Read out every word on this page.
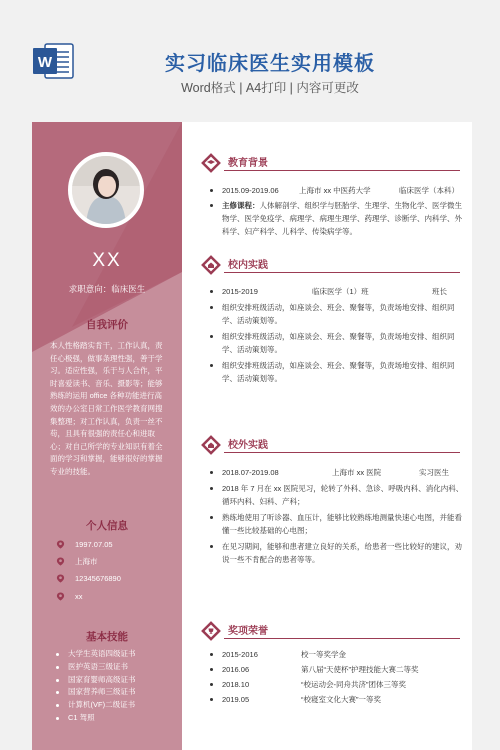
W	实习临床医生实用模板
Word格式 | A4打印 | 内容可更改
XX
求职意向：临床医生
自我评价
本人性格踏实肯干，工作认真，责任心极强，做事条理性强，善于学习。适应性强，乐于与人合作，平时喜爱读书、音乐、摄影等；能够熟练的运用 office 各种功能进行高效的办公室日常工作医学教育网搜集整理；对工作认真，负责一丝不苟，且具有很强的责任心和进取心；对自己所学的专业知识有着全面的学习和掌握，能够很好的掌握专业的技能。
个人信息
1997.07.05
上海市
12345676890
xx
基本技能
大学生英语四级证书
医护英语三级证书
国家育婴师高级证书
国家营养师三级证书
计算机(VF)二级证书
C1 驾照
教育背景
2015.09-2019.06	上海市 xx 中医药大学	临床医学（本科）
主修课程：人体解剖学、组织学与胚胎学、生理学、生物化学、医学微生物学、医学免疫学、病理学、病理生理学、药理学、诊断学、内科学、外科学、妇产科学、儿科学、传染病学等。
校内实践
2015-2019	临床医学（1）班	班长
组织安排班级活动，如座谈会、班会、聚餐等，负责场地安排、组织同学、活动策划等。
组织安排班级活动，如座谈会、班会、聚餐等，负责场地安排、组织同学、活动策划等。
组织安排班级活动，如座谈会、班会、聚餐等，负责场地安排、组织同学、活动策划等。
校外实践
2018.07-2019.08	上海市 xx 医院	实习医生
2018 年 7 月在 xx 医院见习，轮转了外科、急诊、呼吸内科、消化内科、循环内科、妇科、产科；
熟练地使用了听诊器、血压计，能够比较熟练地测量快速心电图，并能看懂一些比较基础的心电图；
在见习期间，能够和患者建立良好的关系，给患者一些比较好的建议，劝说一些不肯配合的患者等等。
奖项荣誉
2015-2016	校一等奖学金
2016.06	第八届“天使杯”护理技能大赛二等奖
2018.10	“校运动会-同舟共济”团体三等奖
2019.05	“校寝室文化大赛”一等奖
